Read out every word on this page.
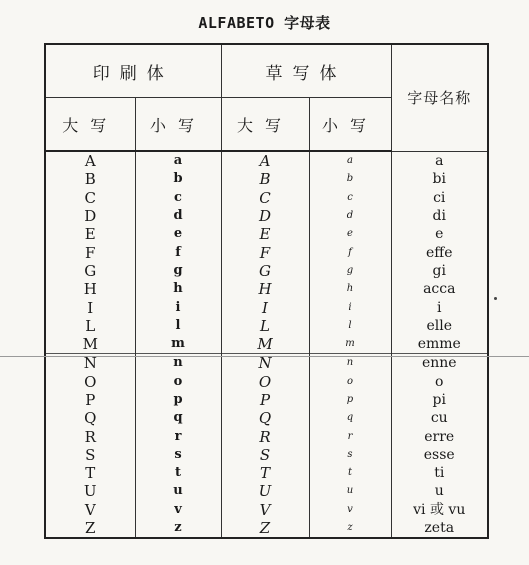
ALFABETO 字母表
印刷体		草写体		字母名称
大写	小写	大写	小写	
A	a	A	a	a
B	b	B	b	bi
C	c	C	c	ci
D	d	D	d	di
E	e	E	e	e
F	f	F	f	effe
G	g	G	g	gi
H	h	H	h	acca
I	i	I	i	i
L	l	L	l	elle
M	m	M	m	emme
N	n	N	n	enne
O	o	O	o	o
P	p	P	p	pi
Q	q	Q	q	cu
R	r	R	r	erre
S	s	S	s	esse
T	t	T	t	ti
U	u	U	u	u
V	v	V	v	vi 或 vu
Z	z	Z	z	zeta
